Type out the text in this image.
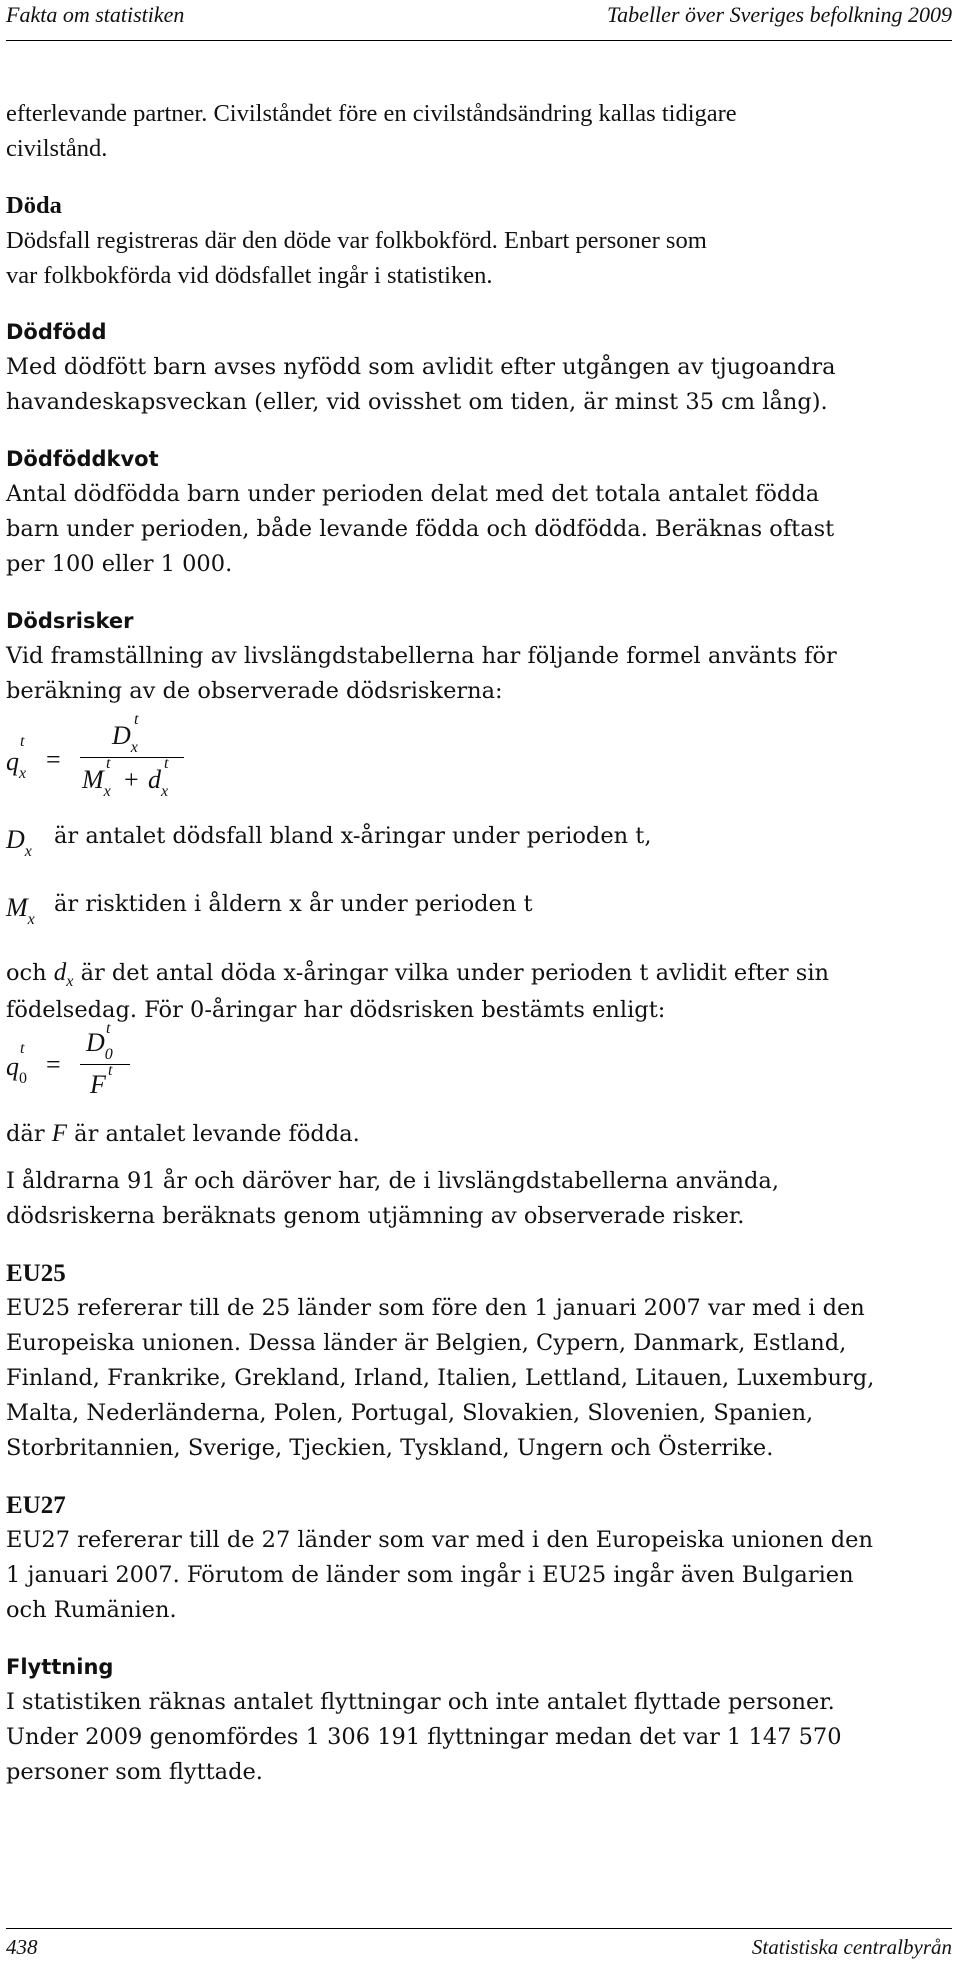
Fakta om statistiken	Tabeller över Sveriges befolkning 2009

efterlevande partner. Civilståndet före en civilståndsändring kallas tidigare

civilstånd.

Döda

Dödsfall registreras där den döde var folkbokförd. Enbart personer som

var folkbokförda vid dödsfallet ingår i statistiken.

Dödfödd

Med dödfött barn avses nyfödd som avlidit efter utgången av tjugoandra

havandeskapsveckan (eller, vid ovisshet om tiden, är minst 35 cm lång).

Dödföddkvot

Antal dödfödda barn under perioden delat med det totala antalet födda

barn under perioden, både levande födda och dödfödda. Beräknas oftast

per 100 eller 1 000.

Dödsrisker

Vid framställning av livslängdstabellerna har följande formel använts för

beräkning av de observerade dödsriskerna:

$q_x$
t
=
$D_x$
t
$M_x$
t
+ $d_x$
t
$D_x$
är antalet dödsfall bland x-åringar under perioden t,
$M_x$
är risktiden i åldern x år under perioden t

och $d_x$ är det antal döda x-åringar vilka under perioden t avlidit efter sin

födelsedag. För 0-åringar har dödsrisken bestämts enligt:

$q_0$
t
=
$D_0$
t
F t

där F är antalet levande födda.

I åldrarna 91 år och däröver har, de i livslängdstabellerna använda,

dödsriskerna beräknats genom utjämning av observerade risker.

EU25

EU25 refererar till de 25 länder som före den 1 januari 2007 var med i den

Europeiska unionen. Dessa länder är Belgien, Cypern, Danmark, Estland,

Finland, Frankrike, Grekland, Irland, Italien, Lettland, Litauen, Luxemburg,

Malta, Nederländerna, Polen, Portugal, Slovakien, Slovenien, Spanien,

Storbritannien, Sverige, Tjeckien, Tyskland, Ungern och Österrike.

EU27

EU27 refererar till de 27 länder som var med i den Europeiska unionen den

1 januari 2007. Förutom de länder som ingår i EU25 ingår även Bulgarien

och Rumänien.

Flyttning

I statistiken räknas antalet flyttningar och inte antalet flyttade personer.

Under 2009 genomfördes 1 306 191 flyttningar medan det var 1 147 570

personer som flyttade.

438	Statistiska centralbyrån
